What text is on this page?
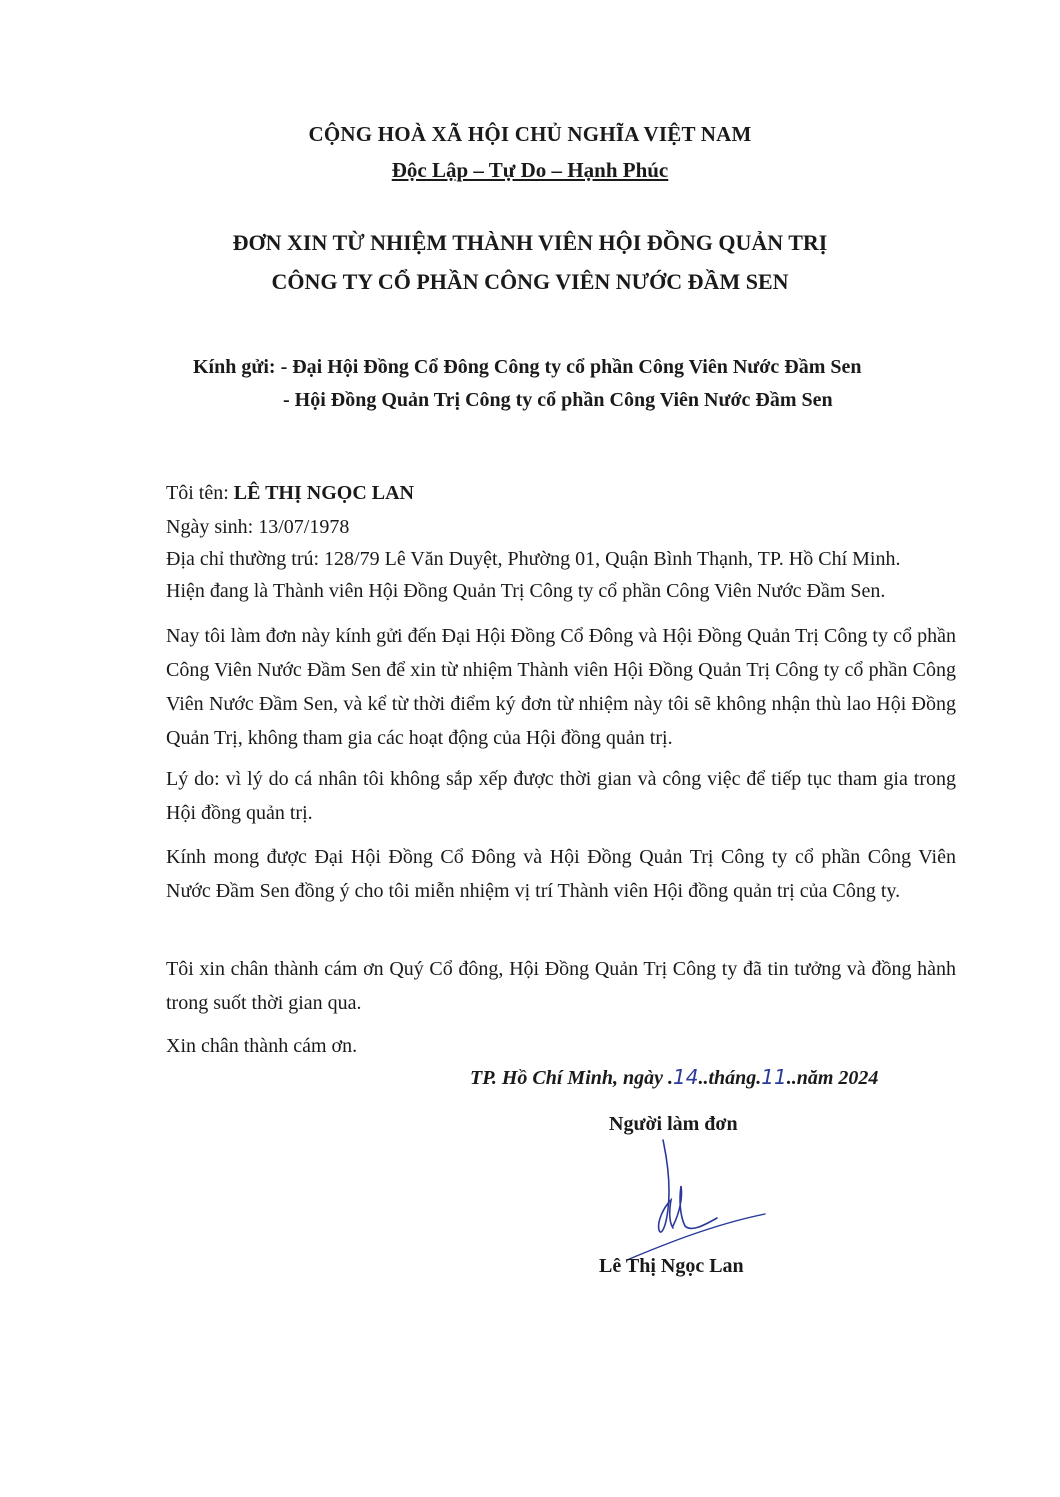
CỘNG HOÀ XÃ HỘI CHỦ NGHĨA VIỆT NAM
Độc Lập – Tự Do – Hạnh Phúc
ĐƠN XIN TỪ NHIỆM THÀNH VIÊN HỘI ĐỒNG QUẢN TRỊ
CÔNG TY CỔ PHẦN CÔNG VIÊN NƯỚC ĐẦM SEN
Kính gửi: - Đại Hội Đồng Cổ Đông Công ty cổ phần Công Viên Nước Đầm Sen
- Hội Đồng Quản Trị Công ty cổ phần Công Viên Nước Đầm Sen
Tôi tên: LÊ THỊ NGỌC LAN
Ngày sinh: 13/07/1978
Địa chỉ thường trú: 128/79 Lê Văn Duyệt, Phường 01, Quận Bình Thạnh, TP. Hồ Chí Minh.
Hiện đang là Thành viên Hội Đồng Quản Trị Công ty cổ phần Công Viên Nước Đầm Sen.
Nay tôi làm đơn này kính gửi đến Đại Hội Đồng Cổ Đông và Hội Đồng Quản Trị Công ty cổ phần Công Viên Nước Đầm Sen để xin từ nhiệm Thành viên Hội Đồng Quản Trị Công ty cổ phần Công Viên Nước Đầm Sen, và kể từ thời điểm ký đơn từ nhiệm này tôi sẽ không nhận thù lao Hội Đồng Quản Trị, không tham gia các hoạt động của Hội đồng quản trị.
Lý do: vì lý do cá nhân tôi không sắp xếp được thời gian và công việc để tiếp tục tham gia trong Hội đồng quản trị.
Kính mong được Đại Hội Đồng Cổ Đông và Hội Đồng Quản Trị Công ty cổ phần Công Viên Nước Đầm Sen đồng ý cho tôi miễn nhiệm vị trí Thành viên Hội đồng quản trị của Công ty.
Tôi xin chân thành cám ơn Quý Cổ đông, Hội Đồng Quản Trị Công ty đã tin tưởng và đồng hành trong suốt thời gian qua.
Xin chân thành cám ơn.
TP. Hồ Chí Minh, ngày .14..tháng.11..năm 2024
Người làm đơn
Lê Thị Ngọc Lan
